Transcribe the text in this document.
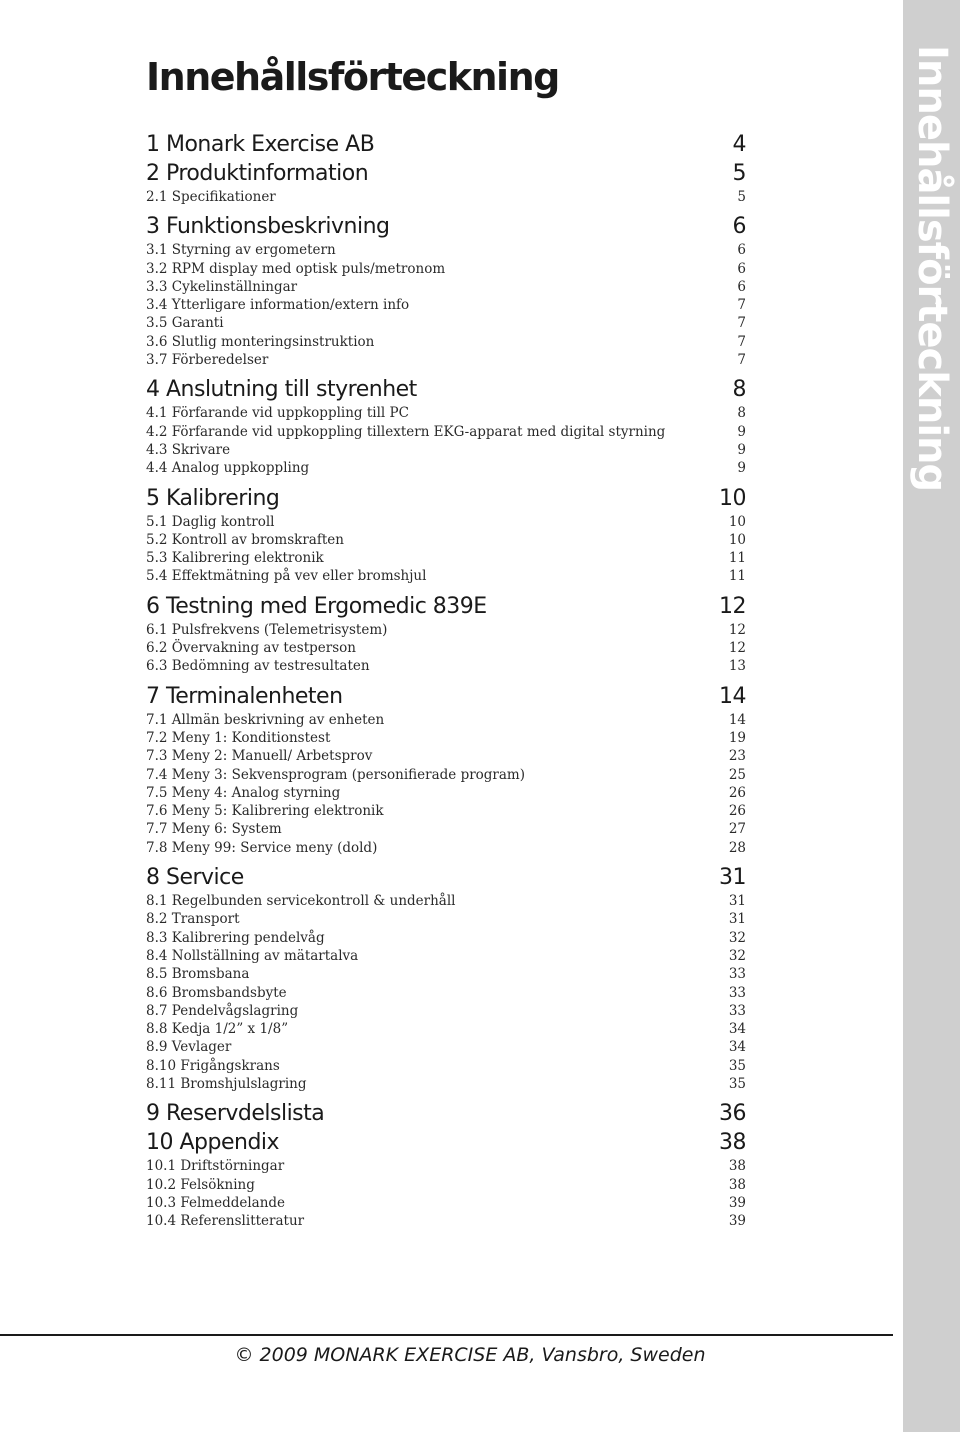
Innehållsförteckning	Innehållsförteckning
1 Monark Exercise AB	4
2 Produktinformation	5
2.1 Specifikationer	5
3 Funktionsbeskrivning	6
3.1 Styrning av ergometern	6
3.2 RPM display med optisk puls/metronom	6
3.3 Cykelinställningar	6
3.4 Ytterligare information/extern info	7
3.5 Garanti	7
3.6 Slutlig monteringsinstruktion	7
3.7 Förberedelser	7
4 Anslutning till styrenhet	8
4.1 Förfarande vid uppkoppling till PC	8
4.2 Förfarande vid uppkoppling tillextern EKG-apparat med digital styrning	9
4.3 Skrivare	9
4.4 Analog uppkoppling	9
5 Kalibrering	10
5.1 Daglig kontroll	10
5.2 Kontroll av bromskraften	10
5.3 Kalibrering elektronik	11
5.4 Effektmätning på vev eller bromshjul	11
6 Testning med Ergomedic 839E	12
6.1 Pulsfrekvens (Telemetrisystem)	12
6.2 Övervakning av testperson	12
6.3 Bedömning av testresultaten	13
7 Terminalenheten	14
7.1 Allmän beskrivning av enheten	14
7.2 Meny 1: Konditionstest	19
7.3 Meny 2: Manuell/ Arbetsprov	23
7.4 Meny 3: Sekvensprogram (personifierade program)	25
7.5 Meny 4: Analog styrning	26
7.6 Meny 5: Kalibrering elektronik	26
7.7 Meny 6: System	27
7.8 Meny 99: Service meny (dold)	28
8 Service	31
8.1 Regelbunden servicekontroll & underhåll	31
8.2 Transport	31
8.3 Kalibrering pendelvåg	32
8.4 Nollställning av mätartalva	32
8.5 Bromsbana	33
8.6 Bromsbandsbyte	33
8.7 Pendelvågslagring	33
8.8 Kedja 1/2” x 1/8”	34
8.9 Vevlager	34
8.10 Frigångskrans	35
8.11 Bromshjulslagring	35
9 Reservdelslista	36
10 Appendix	38
10.1 Driftstörningar	38
10.2 Felsökning	38
10.3 Felmeddelande	39
10.4 Referenslitteratur	39
© 2009 MONARK EXERCISE AB, Vansbro, Sweden
